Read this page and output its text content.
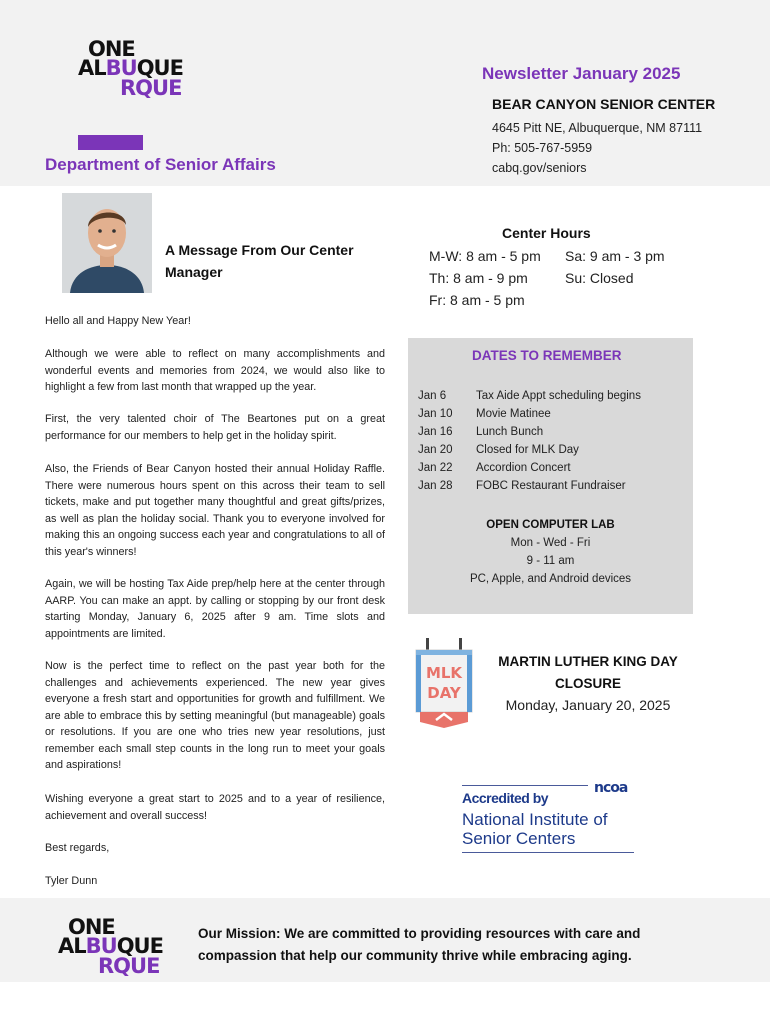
ONE
ALBUQUE
RQUE
Department of Senior Affairs
Newsletter January 2025
BEAR CANYON SENIOR CENTER
4645 Pitt NE, Albuquerque, NM 87111
Ph: 505-767-5959
cabq.gov/seniors
A Message From Our Center Manager
Hello all and Happy New Year!
Although we were able to reflect on many accomplishments and wonderful events and memories from 2024, we would also like to highlight a few from last month that wrapped up the year.
First, the very talented choir of The Beartones put on a great performance for our members to help get in the holiday spirit.
Also, the Friends of Bear Canyon hosted their annual Holiday Raffle. There were numerous hours spent on this across their team to sell tickets, make and put together many thoughtful and great gifts/prizes, as well as plan the holiday social. Thank you to everyone involved for making this an ongoing success each year and congratulations to all of this year's winners!
Again, we will be hosting Tax Aide prep/help here at the center through AARP. You can make an appt. by calling or stopping by our front desk starting Monday, January 6, 2025 after 9 am. Time slots and appointments are limited.
Now is the perfect time to reflect on the past year both for the challenges and achievements experienced. The new year gives everyone a fresh start and opportunities for growth and fulfillment. We are able to embrace this by setting meaningful (but manageable) goals or resolutions. If you are one who tries new year resolutions, just remember each small step counts in the long run to meet your goals and aspirations!
Wishing everyone a great start to 2025 and to a year of resilience, achievement and overall success!
Best regards,
Tyler Dunn
Center Hours
M-W: 8 am - 5 pm
Th: 8 am - 9 pm
Fr: 8 am - 5 pm
Sa: 9 am - 3 pm
Su: Closed
DATES TO REMEMBER
Jan 6	Tax Aide Appt scheduling begins
Jan 10 Movie Matinee
Jan 16 Lunch Bunch
Jan 20 Closed for MLK Day
Jan 22 Accordion Concert
Jan 28 FOBC Restaurant Fundraiser
OPEN COMPUTER LAB
Mon - Wed - Fri
9 - 11 am
PC, Apple, and Android devices
MLK
DAY
MARTIN LUTHER KING DAY
CLOSURE
Monday, January 20, 2025
ncoa
Accredited by
National Institute of
Senior Centers
ONE
ALBUQUE
RQUE
Our Mission: We are committed to providing resources with care and compassion that help our community thrive while embracing aging.
